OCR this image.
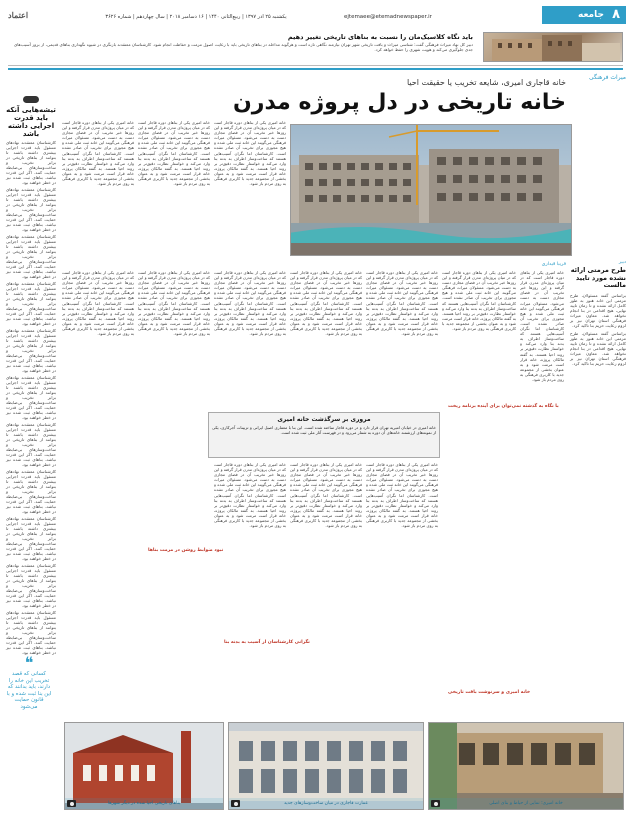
اعتماد	یکشنبه ۲۵ آذر ۱۳۹۷ | ربیع‌الثانی ۱۴۴۰ | ۱۶ دسامبر ۲۰۱۸ | سال چهاردهم | شماره ۳۶۲۶	ejtemaee@etemadnewspaper.ir	۸
جامعه
باید نگاه کلاسیک‌مان را نسبت به بناهای تاریخی تغییر دهیم
دبیر کل نهاد میراث فرهنگی گفت: شناسی میراث و بافت تاریخی شهر تهران نیازمند نگاهی تازه است و هرگونه مداخله در بناهای تاریخی باید با رعایت اصول مرمت و حفاظت انجام شود. کارشناسان معتقدند بازنگری در شیوه نگهداری بناهای قدیمی، از بروز آسیب‌های جدی جلوگیری می‌کند و هویت شهری را حفظ خواهد کرد.
میراث فرهنگی
خانه قاجاری امیری، شایعه تخریب یا حقیقت احیا
خانه تاریخی در دل پروژه مدرن
تیشه‌هایی آنکه باید قدرت اجرایی داشته باشد

کارشناسان معتقدند نهادهای مسئول باید قدرت اجرایی بیشتری داشته باشند تا بتوانند از بناهای تاریخی در برابر تخریب و ساخت‌وسازهای بی‌ضابطه حمایت کنند. اگر این قدرت نباشد، بناهای ثبت شده نیز در خطر خواهند بود.

کارشناسان معتقدند نهادهای مسئول باید قدرت اجرایی بیشتری داشته باشند تا بتوانند از بناهای تاریخی در برابر تخریب و ساخت‌وسازهای بی‌ضابطه حمایت کنند. اگر این قدرت نباشد، بناهای ثبت شده نیز در خطر خواهند بود.

کارشناسان معتقدند نهادهای مسئول باید قدرت اجرایی بیشتری داشته باشند تا بتوانند از بناهای تاریخی در برابر تخریب و ساخت‌وسازهای بی‌ضابطه حمایت کنند. اگر این قدرت نباشد، بناهای ثبت شده نیز در خطر خواهند بود.

کارشناسان معتقدند نهادهای مسئول باید قدرت اجرایی بیشتری داشته باشند تا بتوانند از بناهای تاریخی در برابر تخریب و ساخت‌وسازهای بی‌ضابطه حمایت کنند. اگر این قدرت نباشد، بناهای ثبت شده نیز در خطر خواهند بود.

کارشناسان معتقدند نهادهای مسئول باید قدرت اجرایی بیشتری داشته باشند تا بتوانند از بناهای تاریخی در برابر تخریب و ساخت‌وسازهای بی‌ضابطه حمایت کنند. اگر این قدرت نباشد، بناهای ثبت شده نیز در خطر خواهند بود.

کارشناسان معتقدند نهادهای مسئول باید قدرت اجرایی بیشتری داشته باشند تا بتوانند از بناهای تاریخی در برابر تخریب و ساخت‌وسازهای بی‌ضابطه حمایت کنند. اگر این قدرت نباشد، بناهای ثبت شده نیز در خطر خواهند بود.

کارشناسان معتقدند نهادهای مسئول باید قدرت اجرایی بیشتری داشته باشند تا بتوانند از بناهای تاریخی در برابر تخریب و ساخت‌وسازهای بی‌ضابطه حمایت کنند. اگر این قدرت نباشد، بناهای ثبت شده نیز در خطر خواهند بود.

کارشناسان معتقدند نهادهای مسئول باید قدرت اجرایی بیشتری داشته باشند تا بتوانند از بناهای تاریخی در برابر تخریب و ساخت‌وسازهای بی‌ضابطه حمایت کنند. اگر این قدرت نباشد، بناهای ثبت شده نیز در خطر خواهند بود.

کارشناسان معتقدند نهادهای مسئول باید قدرت اجرایی بیشتری داشته باشند تا بتوانند از بناهای تاریخی در برابر تخریب و ساخت‌وسازهای بی‌ضابطه حمایت کنند. اگر این قدرت نباشد، بناهای ثبت شده نیز در خطر خواهند بود.

کارشناسان معتقدند نهادهای مسئول باید قدرت اجرایی بیشتری داشته باشند تا بتوانند از بناهای تاریخی در برابر تخریب و ساخت‌وسازهای بی‌ضابطه حمایت کنند. اگر این قدرت نباشد، بناهای ثبت شده نیز در خطر خواهند بود.

کارشناسان معتقدند نهادهای مسئول باید قدرت اجرایی بیشتری داشته باشند تا بتوانند از بناهای تاریخی در برابر تخریب و ساخت‌وسازهای بی‌ضابطه حمایت کنند. اگر این قدرت نباشد، بناهای ثبت شده نیز در خطر خواهند بود.

خانه امیری یکی از بناهای دوره قاجار است که در میان پروژه‌ای مدرن قرار گرفته و این روزها خبر تخریب آن در فضای مجازی دست به دست می‌شود. مسئولان میراث فرهنگی می‌گویند این خانه ثبت ملی شده و هیچ مجوزی برای تخریب آن صادر نشده است. کارشناسان اما نگران آسیب‌هایی هستند که ساخت‌وساز اطراف به بدنه بنا وارد می‌کند و خواستار نظارت دقیق‌تر بر روند احیا هستند. به گفته مالکان پروژه، خانه قرار است مرمت شود و به عنوان بخشی از مجموعه جدید با کاربری فرهنگی به روی مردم باز شود.
خانه امیری یکی از بناهای دوره قاجار است که در میان پروژه‌ای مدرن قرار گرفته و این روزها خبر تخریب آن در فضای مجازی دست به دست می‌شود. مسئولان میراث فرهنگی می‌گویند این خانه ثبت ملی شده و هیچ مجوزی برای تخریب آن صادر نشده است. کارشناسان اما نگران آسیب‌هایی هستند که ساخت‌وساز اطراف به بدنه بنا وارد می‌کند و خواستار نظارت دقیق‌تر بر روند احیا هستند. به گفته مالکان پروژه، خانه قرار است مرمت شود و به عنوان بخشی از مجموعه جدید با کاربری فرهنگی به روی مردم باز شود.
خانه امیری یکی از بناهای دوره قاجار است که در میان پروژه‌ای مدرن قرار گرفته و این روزها خبر تخریب آن در فضای مجازی دست به دست می‌شود. مسئولان میراث فرهنگی می‌گویند این خانه ثبت ملی شده و هیچ مجوزی برای تخریب آن صادر نشده است. کارشناسان اما نگران آسیب‌هایی هستند که ساخت‌وساز اطراف به بدنه بنا وارد می‌کند و خواستار نظارت دقیق‌تر بر روند احیا هستند. به گفته مالکان پروژه، خانه قرار است مرمت شود و به عنوان بخشی از مجموعه جدید با کاربری فرهنگی به روی مردم باز شود.
فریبا قیداری	دبیر
طرح مرمتی ارائه نشده مورد تایید مالست

براساس گفته مسئولان، طرح مرمتی این خانه هنوز به طور کامل ارائه نشده و تا زمان تایید نهایی، هیچ اقدامی در بنا انجام نخواهد شد. معاون میراث فرهنگی استان تهران نیز بر لزوم رعایت حریم بنا تاکید کرد.

براساس گفته مسئولان، طرح مرمتی این خانه هنوز به طور کامل ارائه نشده و تا زمان تایید نهایی، هیچ اقدامی در بنا انجام نخواهد شد. معاون میراث فرهنگی استان تهران نیز بر لزوم رعایت حریم بنا تاکید کرد.

خانه امیری یکی از بناهای دوره قاجار است که در میان پروژه‌ای مدرن قرار گرفته و این روزها خبر تخریب آن در فضای مجازی دست به دست می‌شود. مسئولان میراث فرهنگی می‌گویند این خانه ثبت ملی شده و هیچ مجوزی برای تخریب آن صادر نشده است. کارشناسان اما نگران آسیب‌هایی هستند که ساخت‌وساز اطراف به بدنه بنا وارد می‌کند و خواستار نظارت دقیق‌تر بر روند احیا هستند. به گفته مالکان پروژه، خانه قرار است مرمت شود و به عنوان بخشی از مجموعه جدید با کاربری فرهنگی به روی مردم باز شود.
خانه امیری یکی از بناهای دوره قاجار است که در میان پروژه‌ای مدرن قرار گرفته و این روزها خبر تخریب آن در فضای مجازی دست به دست می‌شود. مسئولان میراث فرهنگی می‌گویند این خانه ثبت ملی شده و هیچ مجوزی برای تخریب آن صادر نشده است. کارشناسان اما نگران آسیب‌هایی هستند که ساخت‌وساز اطراف به بدنه بنا وارد می‌کند و خواستار نظارت دقیق‌تر بر روند احیا هستند. به گفته مالکان پروژه، خانه قرار است مرمت شود و به عنوان بخشی از مجموعه جدید با کاربری فرهنگی به روی مردم باز شود.
خانه امیری یکی از بناهای دوره قاجار است که در میان پروژه‌ای مدرن قرار گرفته و این روزها خبر تخریب آن در فضای مجازی دست به دست می‌شود. مسئولان میراث فرهنگی می‌گویند این خانه ثبت ملی شده و هیچ مجوزی برای تخریب آن صادر نشده است. کارشناسان اما نگران آسیب‌هایی هستند که ساخت‌وساز اطراف به بدنه بنا وارد می‌کند و خواستار نظارت دقیق‌تر بر روند احیا هستند. به گفته مالکان پروژه، خانه قرار است مرمت شود و به عنوان بخشی از مجموعه جدید با کاربری فرهنگی به روی مردم باز شود.
خانه امیری یکی از بناهای دوره قاجار است که در میان پروژه‌ای مدرن قرار گرفته و این روزها خبر تخریب آن در فضای مجازی دست به دست می‌شود. مسئولان میراث فرهنگی می‌گویند این خانه ثبت ملی شده و هیچ مجوزی برای تخریب آن صادر نشده است. کارشناسان اما نگران آسیب‌هایی هستند که ساخت‌وساز اطراف به بدنه بنا وارد می‌کند و خواستار نظارت دقیق‌تر بر روند احیا هستند. به گفته مالکان پروژه، خانه قرار است مرمت شود و به عنوان بخشی از مجموعه جدید با کاربری فرهنگی به روی مردم باز شود.
خانه امیری یکی از بناهای دوره قاجار است که در میان پروژه‌ای مدرن قرار گرفته و این روزها خبر تخریب آن در فضای مجازی دست به دست می‌شود. مسئولان میراث فرهنگی می‌گویند این خانه ثبت ملی شده و هیچ مجوزی برای تخریب آن صادر نشده است. کارشناسان اما نگران آسیب‌هایی هستند که ساخت‌وساز اطراف به بدنه بنا وارد می‌کند و خواستار نظارت دقیق‌تر بر روند احیا هستند. به گفته مالکان پروژه، خانه قرار است مرمت شود و به عنوان بخشی از مجموعه جدید با کاربری فرهنگی به روی مردم باز شود.
خانه امیری یکی از بناهای دوره قاجار است که در میان پروژه‌ای مدرن قرار گرفته و این روزها خبر تخریب آن در فضای مجازی دست به دست می‌شود. مسئولان میراث فرهنگی می‌گویند این خانه ثبت ملی شده و هیچ مجوزی برای تخریب آن صادر نشده است. کارشناسان اما نگران آسیب‌هایی هستند که ساخت‌وساز اطراف به بدنه بنا وارد می‌کند و خواستار نظارت دقیق‌تر بر روند احیا هستند. به گفته مالکان پروژه، خانه قرار است مرمت شود و به عنوان بخشی از مجموعه جدید با کاربری فرهنگی به روی مردم باز شود.
خانه امیری یکی از بناهای دوره قاجار است که در میان پروژه‌ای مدرن قرار گرفته و این روزها خبر تخریب آن در فضای مجازی دست به دست می‌شود. مسئولان میراث فرهنگی می‌گویند این خانه ثبت ملی شده و هیچ مجوزی برای تخریب آن صادر نشده است. کارشناسان اما نگران آسیب‌هایی هستند که ساخت‌وساز اطراف به بدنه بنا وارد می‌کند و خواستار نظارت دقیق‌تر بر روند احیا هستند. به گفته مالکان پروژه، خانه قرار است مرمت شود و به عنوان بخشی از مجموعه جدید با کاربری فرهنگی به روی مردم باز شود.
خانه امیری یکی از بناهای دوره قاجار است که در میان پروژه‌ای مدرن قرار گرفته و این روزها خبر تخریب آن در فضای مجازی دست به دست می‌شود. مسئولان میراث فرهنگی می‌گویند این خانه ثبت ملی شده و هیچ مجوزی برای تخریب آن صادر نشده است. کارشناسان اما نگران آسیب‌هایی هستند که ساخت‌وساز اطراف به بدنه بنا وارد می‌کند و خواستار نظارت دقیق‌تر بر روند احیا هستند. به گفته مالکان پروژه، خانه قرار است مرمت شود و به عنوان بخشی از مجموعه جدید با کاربری فرهنگی به روی مردم باز شود.
خانه امیری یکی از بناهای دوره قاجار است که در میان پروژه‌ای مدرن قرار گرفته و این روزها خبر تخریب آن در فضای مجازی دست به دست می‌شود. مسئولان میراث فرهنگی می‌گویند این خانه ثبت ملی شده و هیچ مجوزی برای تخریب آن صادر نشده است. کارشناسان اما نگران آسیب‌هایی هستند که ساخت‌وساز اطراف به بدنه بنا وارد می‌کند و خواستار نظارت دقیق‌تر بر روند احیا هستند. به گفته مالکان پروژه، خانه قرار است مرمت شود و به عنوان بخشی از مجموعه جدید با کاربری فرهنگی به روی مردم باز شود.
خانه امیری یکی از بناهای دوره قاجار است که در میان پروژه‌ای مدرن قرار گرفته و این روزها خبر تخریب آن در فضای مجازی دست به دست می‌شود. مسئولان میراث فرهنگی می‌گویند این خانه ثبت ملی شده و هیچ مجوزی برای تخریب آن صادر نشده است. کارشناسان اما نگران آسیب‌هایی هستند که ساخت‌وساز اطراف به بدنه بنا وارد می‌کند و خواستار نظارت دقیق‌تر بر روند احیا هستند. به گفته مالکان پروژه، خانه قرار است مرمت شود و به عنوان بخشی از مجموعه جدید با کاربری فرهنگی به روی مردم باز شود.
با نگاه به گذشته نمی‌توان برای آینده برنامه ریخت
نبود ضوابط روشن در مرمت بناها
نگرانی کارشناسان از آسیب به بدنه بنا
خانه امیری و سرنوشت بافت تاریخی
مروری بر سرگذشت خانه امیری
خانه امیری در خیابان امیریه تهران قرار دارد و در دوره قاجار ساخته شده است. این بنا با معماری اصیل ایرانی و تزیینات آجرکاری، یکی از نمونه‌های ارزشمند خانه‌های آن دوره به شمار می‌رود و در فهرست آثار ملی ثبت شده است.
❝

کسانی که قصد تخریب این خانه را دارند، باید بدانند که این بنا ثبت شده و با قانون حمایت می‌شود

بناهای تاریخی احیا شده در دیگر شهرها	عمارت قاجاری در میان ساخت‌وسازهای جدید	خانه امیری؛ نمایی از حیاط و بنای اصلی
